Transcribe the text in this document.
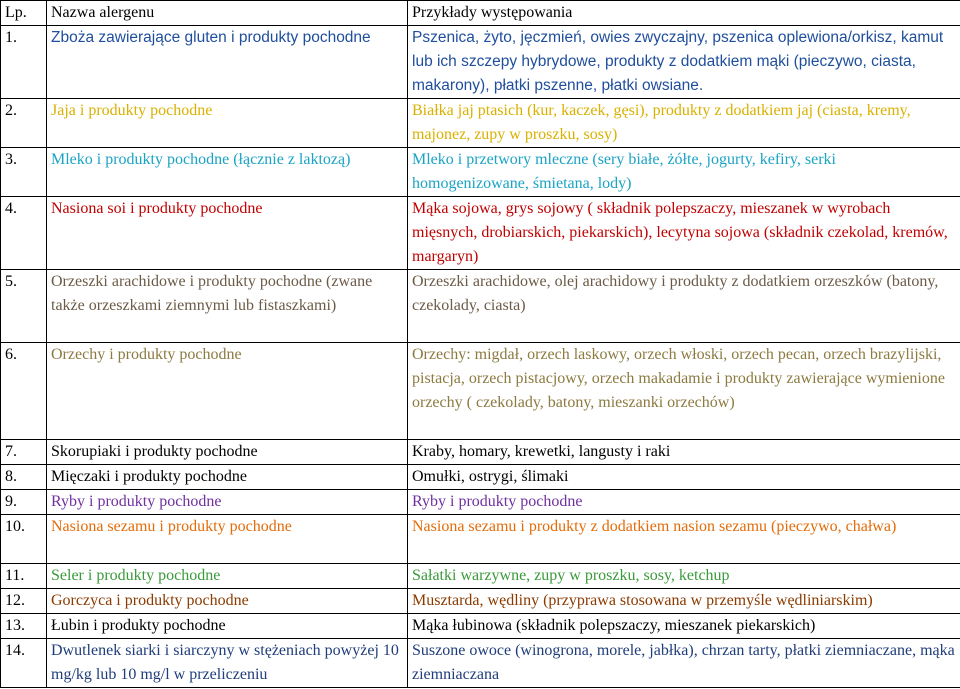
Lp.	Nazwa alergenu	Przykłady występowania
1.	Zboża zawierające gluten i produkty pochodne	Pszenica, żyto, jęczmień, owies zwyczajny, pszenica oplewiona/orkisz, kamut lub ich szczepy hybrydowe, produkty z dodatkiem mąki (pieczywo, ciasta, makarony), płatki pszenne, płatki owsiane.
2.	Jaja i produkty pochodne	Białka jaj ptasich (kur, kaczek, gęsi), produkty z dodatkiem jaj (ciasta, kremy, majonez, zupy w proszku, sosy)
3.	Mleko i produkty pochodne (łącznie z laktozą)	Mleko i przetwory mleczne (sery białe, żółte, jogurty, kefiry, serki homogenizowane, śmietana, lody)
4.	Nasiona soi i produkty pochodne	Mąka sojowa, grys sojowy ( składnik polepszaczy, mieszanek w wyrobach mięsnych, drobiarskich, piekarskich), lecytyna sojowa (składnik czekolad, kremów, margaryn)
5.	Orzeszki arachidowe i produkty pochodne (zwane także orzeszkami ziemnymi lub fistaszkami)	Orzeszki arachidowe, olej arachidowy i produkty z dodatkiem orzeszków (batony, czekolady, ciasta)
6.	Orzechy i produkty pochodne	Orzechy: migdał, orzech laskowy, orzech włoski, orzech pecan, orzech brazylijski, pistacja, orzech pistacjowy, orzech makadamie i produkty zawierające wymienione orzechy ( czekolady, batony, mieszanki orzechów)
7.	Skorupiaki i produkty pochodne	Kraby, homary, krewetki, langusty i raki
8.	Mięczaki i produkty pochodne	Omułki, ostrygi, ślimaki
9.	Ryby i produkty pochodne	Ryby i produkty pochodne
10.	Nasiona sezamu i produkty pochodne	Nasiona sezamu i produkty z dodatkiem nasion sezamu (pieczywo, chałwa)
11.	Seler i produkty pochodne	Sałatki warzywne, zupy w proszku, sosy, ketchup
12.	Gorczyca i produkty pochodne	Musztarda, wędliny (przyprawa stosowana w przemyśle wędliniarskim)
13.	Łubin i produkty pochodne	Mąka łubinowa (składnik polepszaczy, mieszanek piekarskich)
14.	Dwutlenek siarki i siarczyny w stężeniach powyżej 10 mg/kg lub 10 mg/l w przeliczeniu	Suszone owoce (winogrona, morele, jabłka), chrzan tarty, płatki ziemniaczane, mąka ziemniaczana
